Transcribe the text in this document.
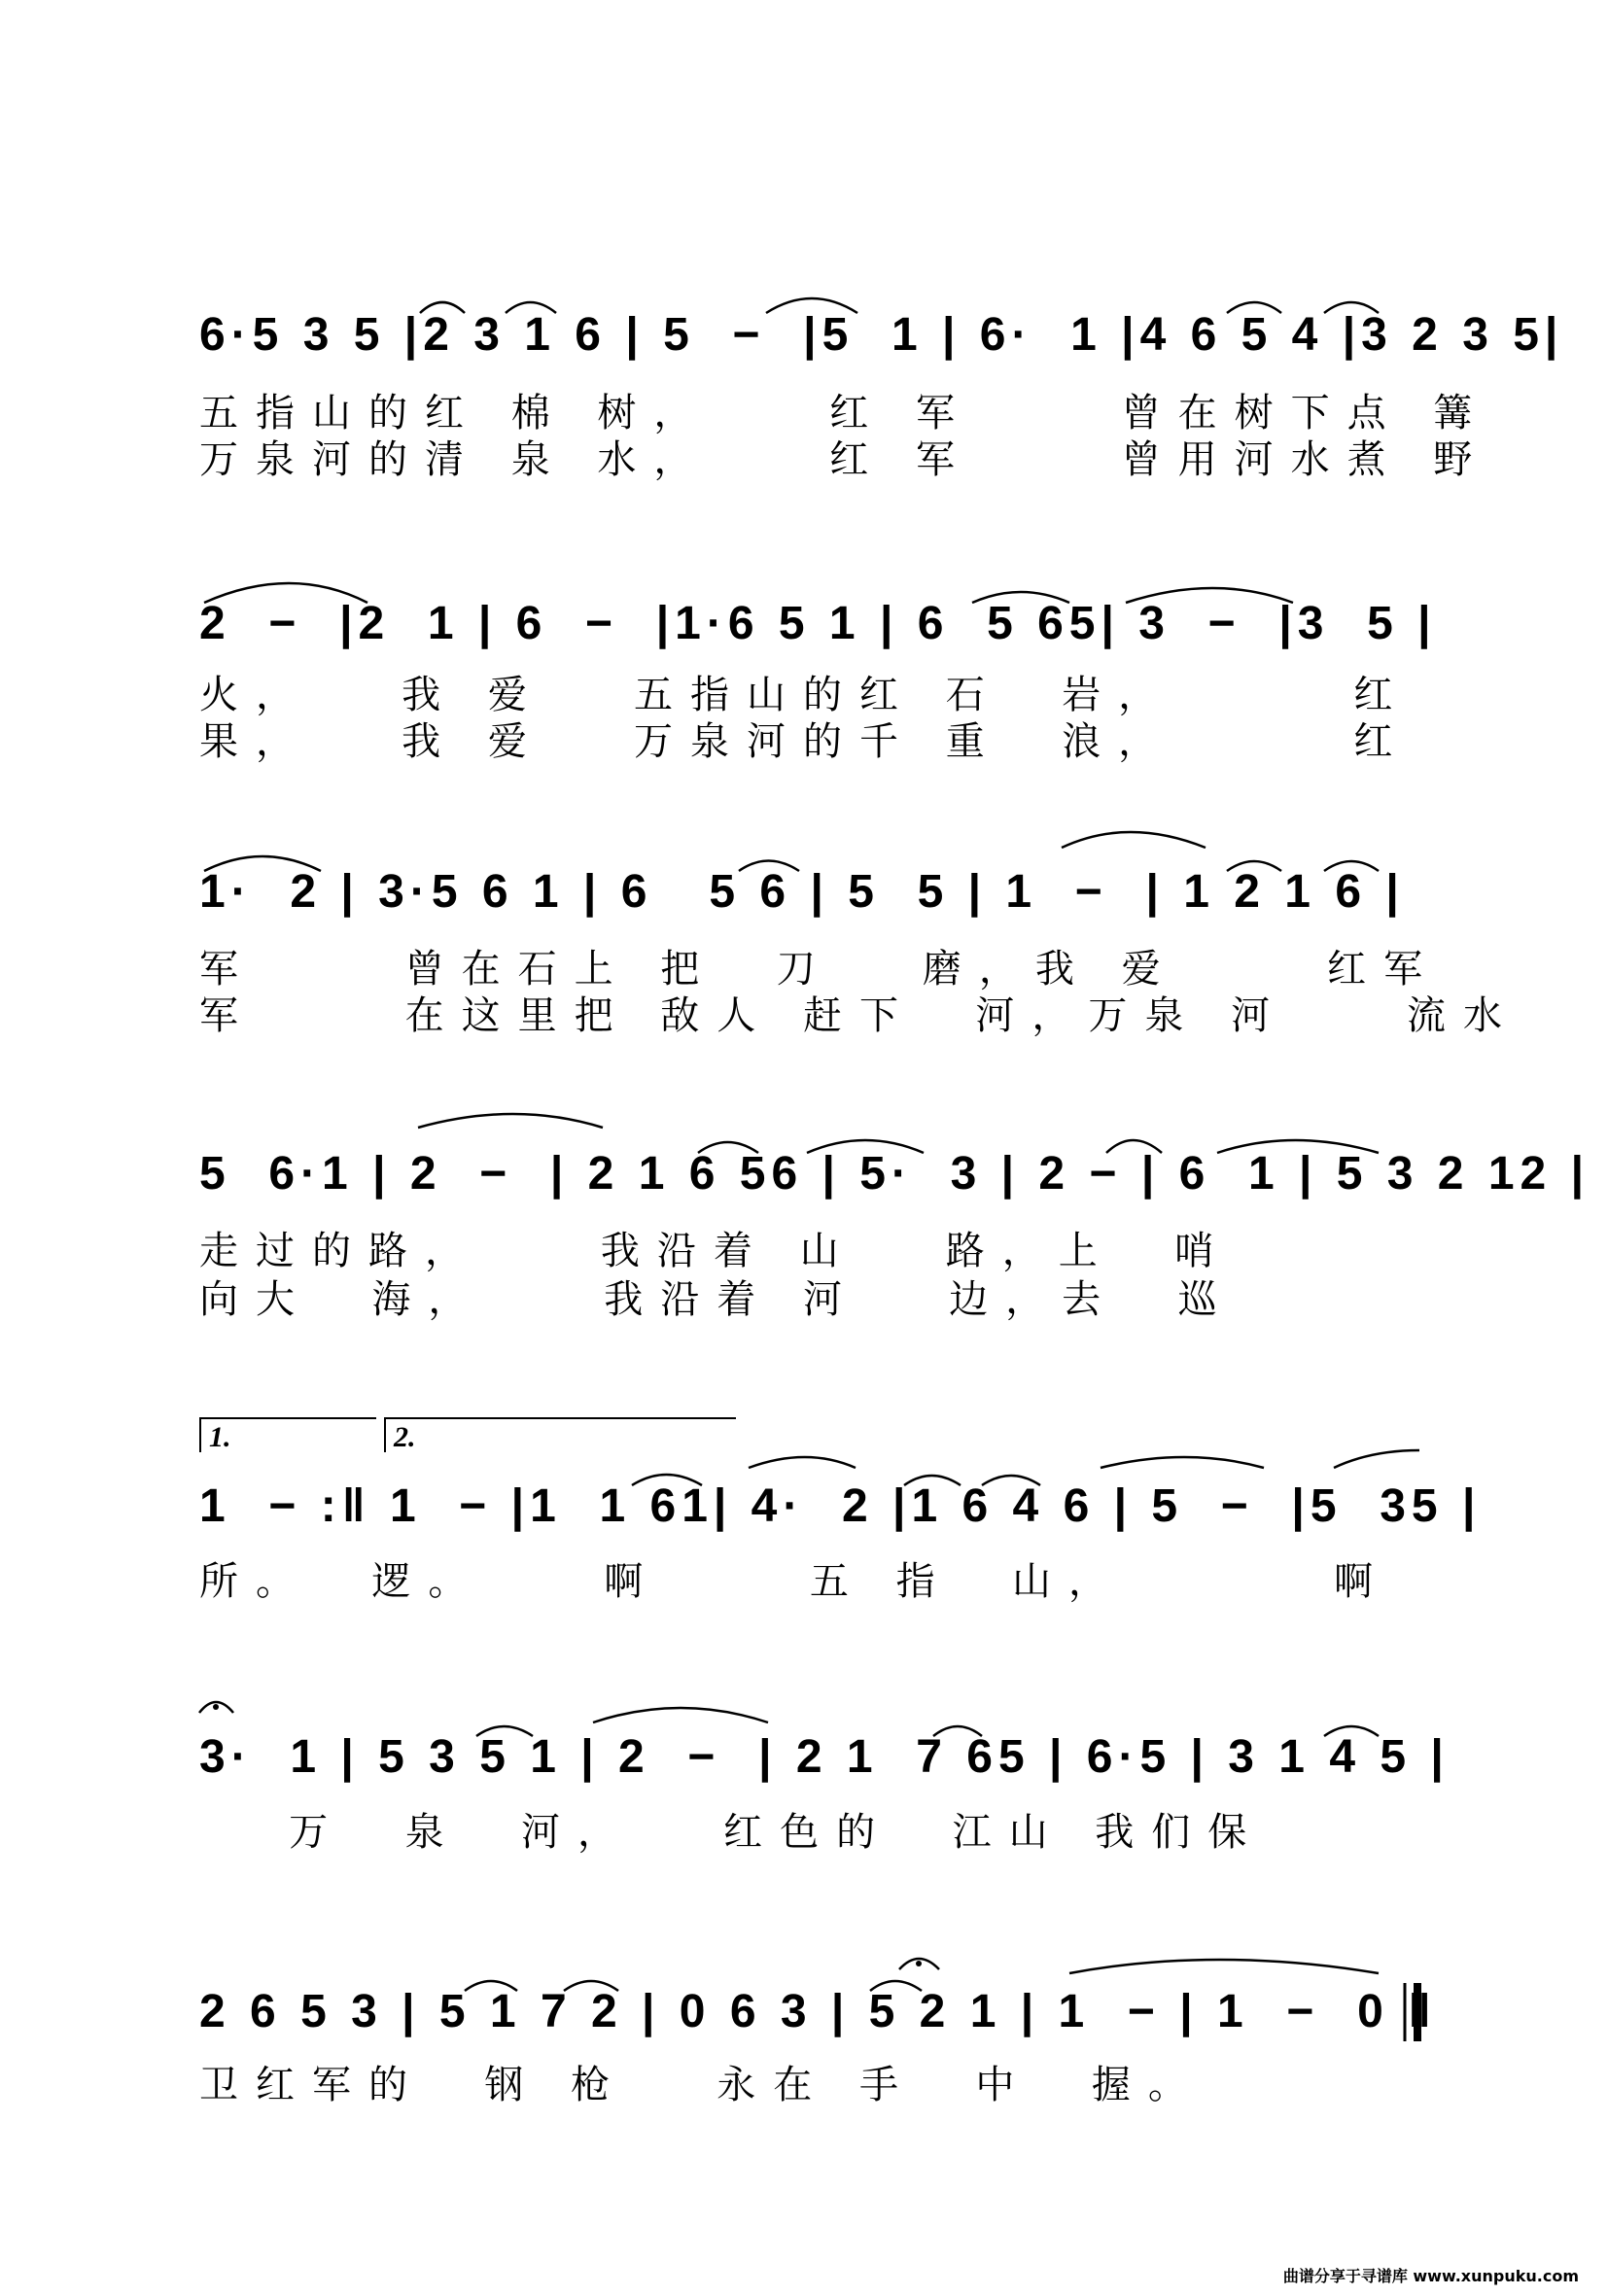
6·5 3 5 |2 3 1 6 | 5  −  |5  1 | 6·  1 |4 6 5 4 |3 2 3 5|
五指山的红 棉 树，    红 军     曾在树下点 篝
万泉河的清 泉 水，    红 军     曾用河水煮 野
2  −  |2  1 | 6  −  |1·6 5 1 | 6  5 65| 3  −  |3  5 |
火，   我 爱   五指山的红 石  岩，      红
果，   我 爱   万泉河的千 重  浪，      红
1·  2 | 3·5 6 1 | 6   5 6 | 5  5 | 1  −  | 1 2 1 6 |
军     曾在石上 把  刀   磨，我 爱     红军
军     在这里把 敌人 赶下  河，万泉 河    流水
5  6·1 | 2  −  | 2 1 6 56 | 5·  3 | 2 − | 6  1 | 5 3 2 12 |
走过的路，    我沿着 山   路，上  哨
向大  海，    我沿着 河   边，去  巡
1.	2.
1  − :‖ 1  − |1  1 61| 4·  2 |1 6 4 6 | 5  −  |5  35 |
所。  逻。    啊     五 指  山，       啊
3·  1 | 5 3 5 1 | 2  −  | 2 1  7 65 | 6·5 | 3 1 4 5 |
万  泉  河，   红色的  江山 我们保
2 6 5 3 | 5 1 7 2 | 0 6 3 | 5 2 1 | 1  − | 1  −  0 ‖
卫红军的  钢 枪   永在 手  中  握。
曲谱分享于寻谱库 www.xunpuku.com
